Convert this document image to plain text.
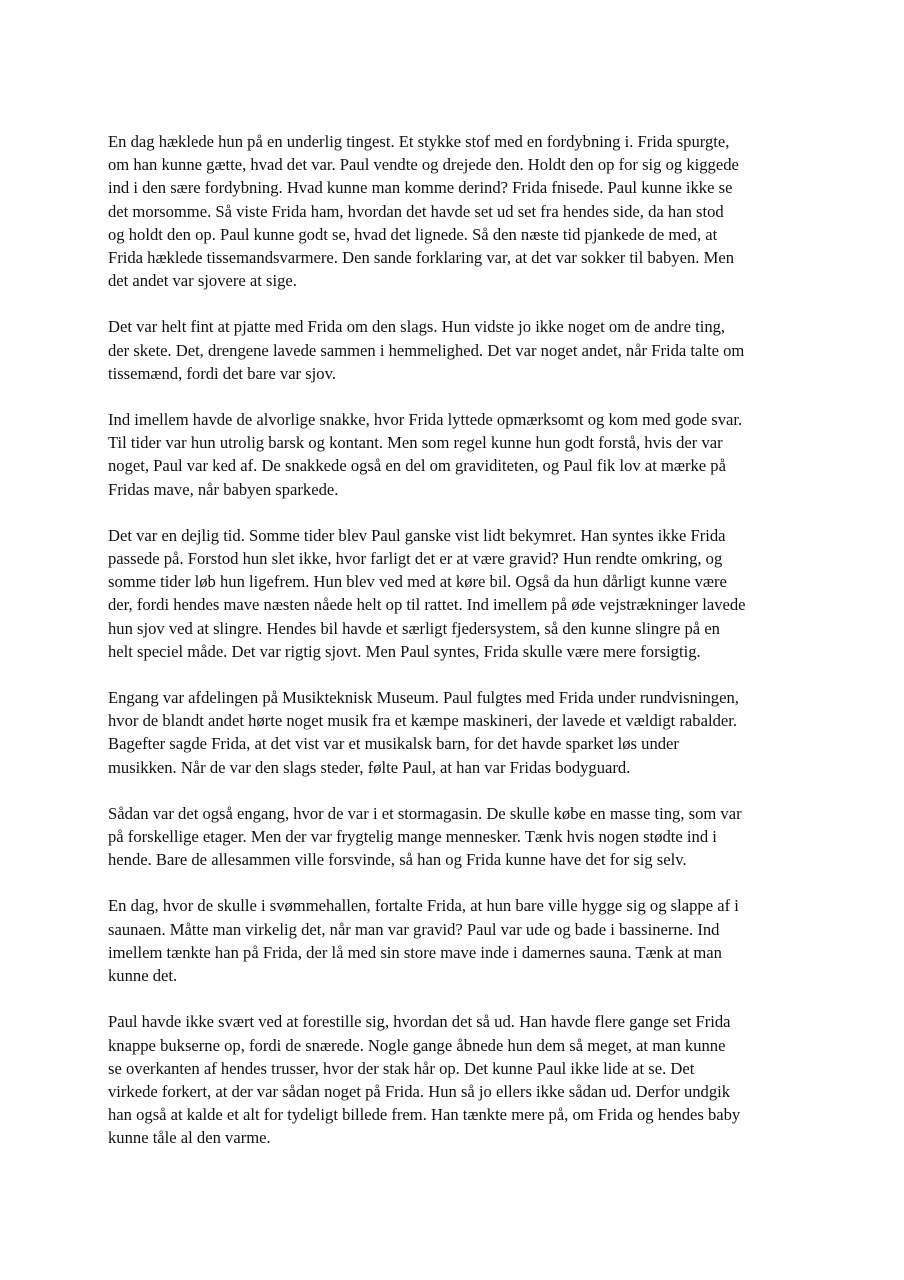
En dag hæklede hun på en underlig tingest. Et stykke stof med en fordybning i. Frida spurgte,
om han kunne gætte, hvad det var. Paul vendte og drejede den. Holdt den op for sig og kiggede
ind i den sære fordybning. Hvad kunne man komme derind? Frida fnisede. Paul kunne ikke se
det morsomme. Så viste Frida ham, hvordan det havde set ud set fra hendes side, da han stod
og holdt den op. Paul kunne godt se, hvad det lignede. Så den næste tid pjankede de med, at
Frida hæklede tissemandsvarmere. Den sande forklaring var, at det var sokker til babyen. Men
det andet var sjovere at sige.

Det var helt fint at pjatte med Frida om den slags. Hun vidste jo ikke noget om de andre ting,
der skete. Det, drengene lavede sammen i hemmelighed. Det var noget andet, når Frida talte om
tissemænd, fordi det bare var sjov.

Ind imellem havde de alvorlige snakke, hvor Frida lyttede opmærksomt og kom med gode svar.
Til tider var hun utrolig barsk og kontant. Men som regel kunne hun godt forstå, hvis der var
noget, Paul var ked af. De snakkede også en del om graviditeten, og Paul fik lov at mærke på
Fridas mave, når babyen sparkede.

Det var en dejlig tid. Somme tider blev Paul ganske vist lidt bekymret. Han syntes ikke Frida
passede på. Forstod hun slet ikke, hvor farligt det er at være gravid? Hun rendte omkring, og
somme tider løb hun ligefrem. Hun blev ved med at køre bil. Også da hun dårligt kunne være
der, fordi hendes mave næsten nåede helt op til rattet. Ind imellem på øde vejstrækninger lavede
hun sjov ved at slingre. Hendes bil havde et særligt fjedersystem, så den kunne slingre på en
helt speciel måde. Det var rigtig sjovt. Men Paul syntes, Frida skulle være mere forsigtig.

Engang var afdelingen på Musikteknisk Museum. Paul fulgtes med Frida under rundvisningen,
hvor de blandt andet hørte noget musik fra et kæmpe maskineri, der lavede et vældigt rabalder.
Bagefter sagde Frida, at det vist var et musikalsk barn, for det havde sparket løs under
musikken. Når de var den slags steder, følte Paul, at han var Fridas bodyguard.

Sådan var det også engang, hvor de var i et stormagasin. De skulle købe en masse ting, som var
på forskellige etager. Men der var frygtelig mange mennesker. Tænk hvis nogen stødte ind i
hende. Bare de allesammen ville forsvinde, så han og Frida kunne have det for sig selv.

En dag, hvor de skulle i svømmehallen, fortalte Frida, at hun bare ville hygge sig og slappe af i
saunaen. Måtte man virkelig det, når man var gravid? Paul var ude og bade i bassinerne. Ind
imellem tænkte han på Frida, der lå med sin store mave inde i damernes sauna. Tænk at man
kunne det.

Paul havde ikke svært ved at forestille sig, hvordan det så ud. Han havde flere gange set Frida
knappe bukserne op, fordi de snærede. Nogle gange åbnede hun dem så meget, at man kunne
se overkanten af hendes trusser, hvor der stak hår op. Det kunne Paul ikke lide at se. Det
virkede forkert, at der var sådan noget på Frida. Hun så jo ellers ikke sådan ud. Derfor undgik
han også at kalde et alt for tydeligt billede frem. Han tænkte mere på, om Frida og hendes baby
kunne tåle al den varme.
